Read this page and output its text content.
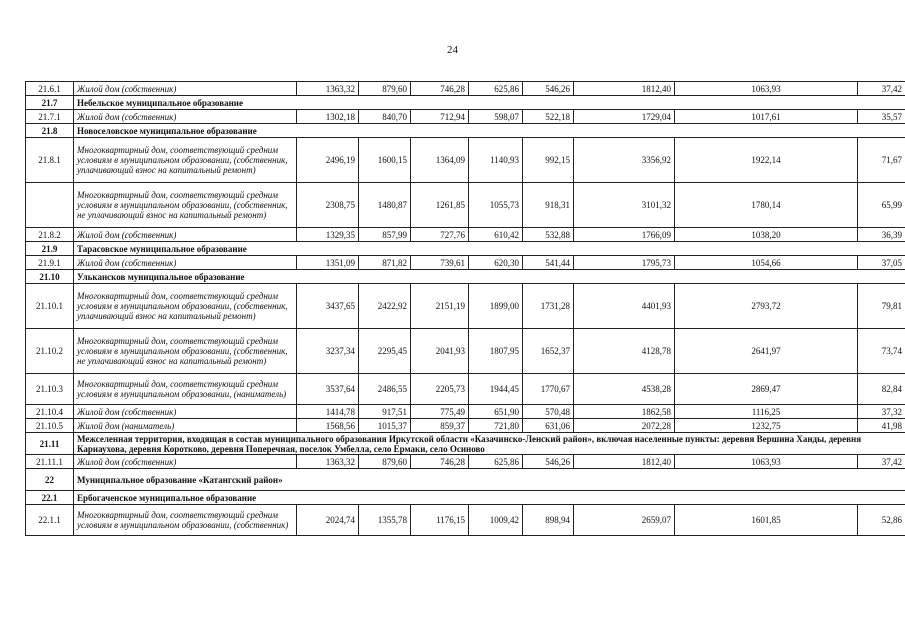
24
21.6.1	Жилой дом (собственник)	1363,32	879,60	746,28	625,86	546,26	1812,40	1063,93	37,42
21.7	Небельское муниципальное образование								
21.7.1	Жилой дом (собственник)	1302,18	840,70	712,94	598,07	522,18	1729,04	1017,61	35,57
21.8	Новоселовское муниципальное образование								
21.8.1	Многоквартирный дом, соответствующий средним условиям в муниципальном образовании, (собственник, уплачивающий взнос на капитальный ремонт)	2496,19	1600,15	1364,09	1140,93	992,15	3356,92	1922,14	71,67
	Многоквартирный дом, соответствующий средним условиям в муниципальном образовании, (собственник, не уплачивающий взнос на капитальный ремонт)	2308,75	1480,87	1261,85	1055,73	918,31	3101,32	1780,14	65,99
21.8.2	Жилой дом (собственник)	1329,35	857,99	727,76	610,42	532,88	1766,09	1038,20	36,39
21.9	Тарасовское муниципальное образование								
21.9.1	Жилой дом (собственник)	1351,09	871,82	739,61	620,30	541,44	1795,73	1054,66	37,05
21.10	Улькансков муниципальное образование								
21.10.1	Многоквартирный дом, соответствующий средним условиям в муниципальном образовании, (собственник, уплачивающий взнос на капитальный ремонт)	3437,65	2422,92	2151,19	1899,00	1731,28	4401,93	2793,72	79,81
21.10.2	Многоквартирный дом, соответствующий средним условиям в муниципальном образовании, (собственник, не уплачивающий взнос на капитальный ремонт)	3237,34	2295,45	2041,93	1807,95	1652,37	4128,78	2641,97	73,74
21.10.3	Многоквартирный дом, соответствующий средним условиям в муниципальном образовании, (наниматель)	3537,64	2486,55	2205,73	1944,45	1770,67	4538,28	2869,47	82,84
21.10.4	Жилой дом (собственник)	1414,78	917,51	775,49	651,90	570,48	1862,58	1116,25	37,32
21.10.5	Жилой дом (наниматель)	1568,56	1015,37	859,37	721,80	631,06	2072,28	1232,75	41,98
21.11	Межселенная территория, входящая в состав муниципального образования Иркутской области «Казачинско-Ленский район», включая населенные пункты: деревня Вершина Ханды, деревня Кариаухова, деревня Коротково, деревня Поперечная, поселок Умбелла, село Ермаки, село Осиново								
21.11.1	Жилой дом (собственник)	1363,32	879,60	746,28	625,86	546,26	1812,40	1063,93	37,42
22	Муниципальное образование «Катангский район»								
22.1	Ербогаченское муниципальное образование								
22.1.1	Многоквартирный дом, соответствующий средним условиям в муниципальном образовании, (собственник)	2024,74	1355,78	1176,15	1009,42	898,94	2659,07	1601,85	52,86
